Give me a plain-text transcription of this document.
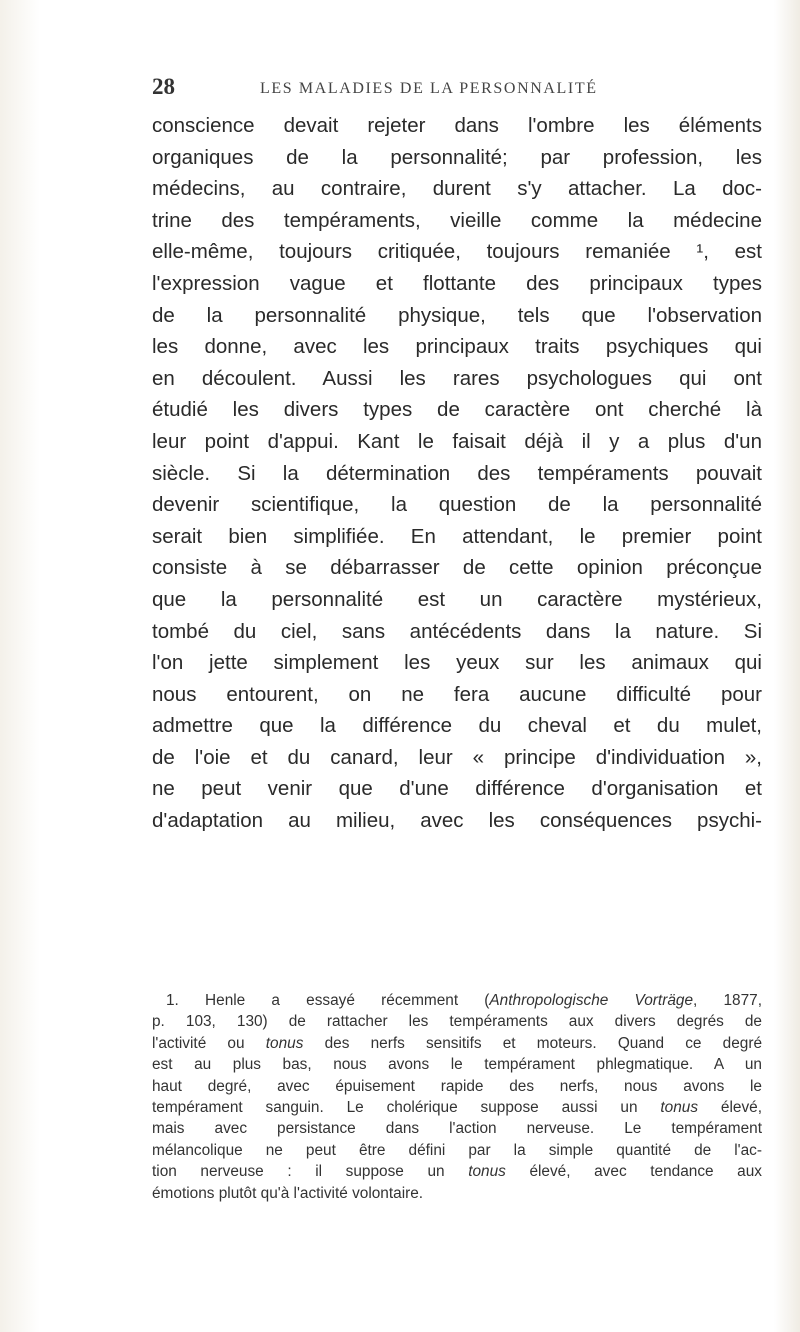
28	LES MALADIES DE LA PERSONNALITÉ
conscience devait rejeter dans l'ombre les éléments
organiques de la personnalité; par profession, les
médecins, au contraire, durent s'y attacher. La doc-
trine des tempéraments, vieille comme la médecine
elle-même, toujours critiquée, toujours remaniée ¹, est
l'expression vague et flottante des principaux types
de la personnalité physique, tels que l'observation
les donne, avec les principaux traits psychiques qui
en découlent. Aussi les rares psychologues qui ont
étudié les divers types de caractère ont cherché là
leur point d'appui. Kant le faisait déjà il y a plus d'un
siècle. Si la détermination des tempéraments pouvait
devenir scientifique, la question de la personnalité
serait bien simplifiée. En attendant, le premier point
consiste à se débarrasser de cette opinion préconçue
que la personnalité est un caractère mystérieux,
tombé du ciel, sans antécédents dans la nature. Si
l'on jette simplement les yeux sur les animaux qui
nous entourent, on ne fera aucune difficulté pour
admettre que la différence du cheval et du mulet,
de l'oie et du canard, leur « principe d'individuation »,
ne peut venir que d'une différence d'organisation et
d'adaptation au milieu, avec les conséquences psychi-
1. Henle a essayé récemment (Anthropologische Vorträge, 1877,
p. 103, 130) de rattacher les tempéraments aux divers degrés de
l'activité ou tonus des nerfs sensitifs et moteurs. Quand ce degré
est au plus bas, nous avons le tempérament phlegmatique. A un
haut degré, avec épuisement rapide des nerfs, nous avons le
tempérament sanguin. Le cholérique suppose aussi un tonus élevé,
mais avec persistance dans l'action nerveuse. Le tempérament
mélancolique ne peut être défini par la simple quantité de l'ac-
tion nerveuse : il suppose un tonus élevé, avec tendance aux
émotions plutôt qu'à l'activité volontaire.
